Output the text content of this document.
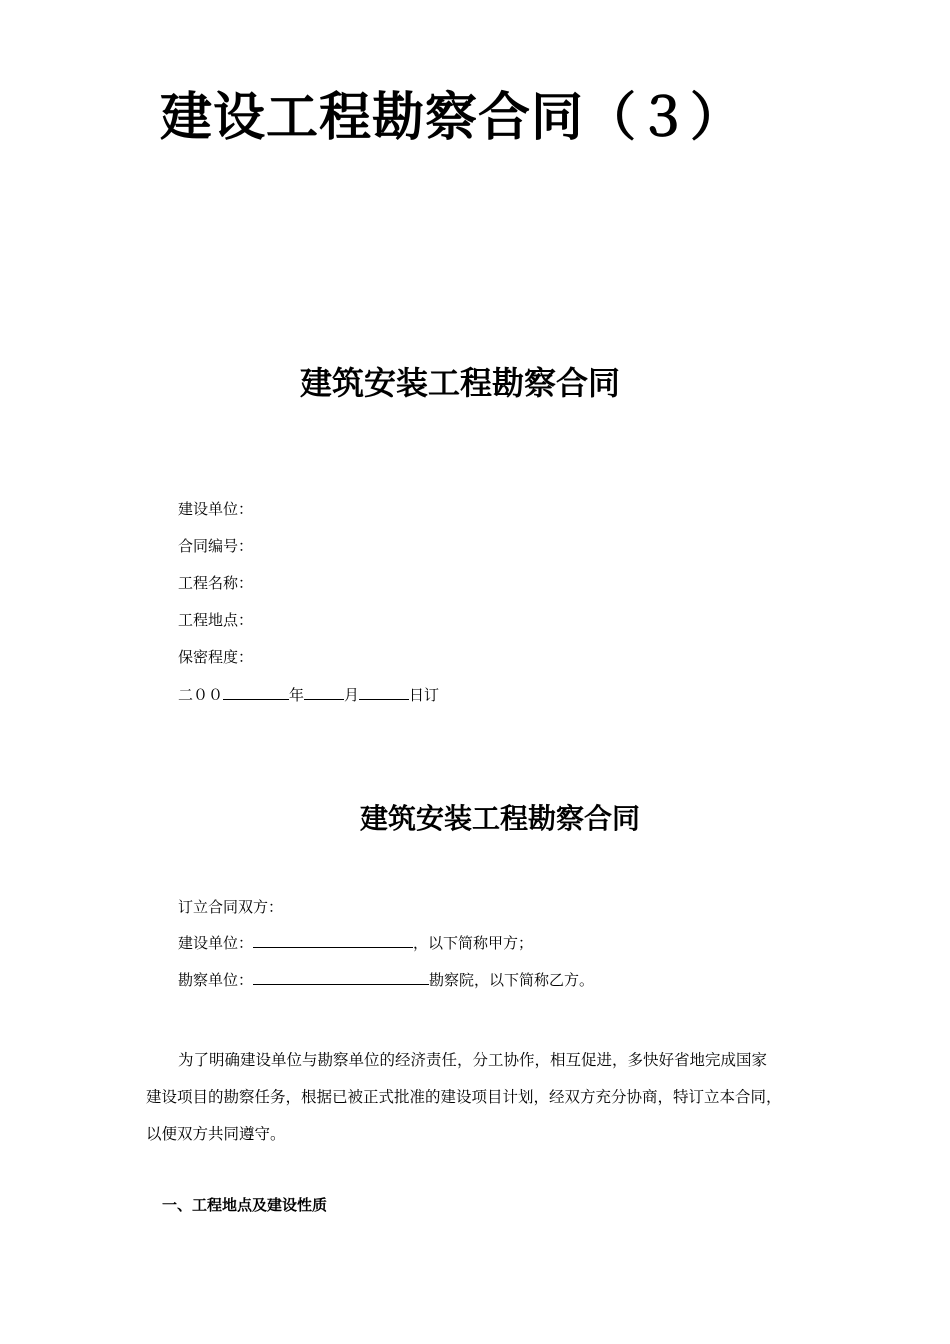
建设工程勘察合同（３）
建筑安装工程勘察合同
建设单位：
合同编号：
工程名称：
工程地点：
保密程度：
二００	年	月	日订
建筑安装工程勘察合同
订立合同双方：
建设单位：	，以下简称甲方；
勘察单位：	勘察院，以下简称乙方。
为了明确建设单位与勘察单位的经济责任，分工协作，相互促进，多快好省地完成国家
建设项目的勘察任务，根据已被正式批准的建设项目计划，经双方充分协商，特订立本合同，
以便双方共同遵守。
一、工程地点及建设性质
